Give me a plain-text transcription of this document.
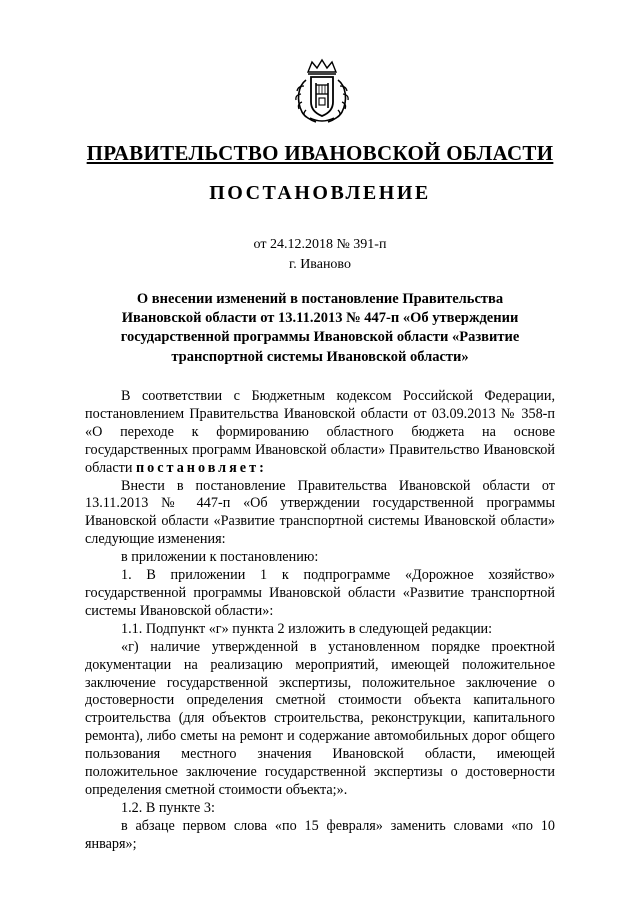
ПРАВИТЕЛЬСТВО ИВАНОВСКОЙ ОБЛАСТИ
ПОСТАНОВЛЕНИЕ
от 24.12.2018 № 391-п
г. Иваново
О внесении изменений в постановление Правительства
Ивановской области от 13.11.2013 № 447-п «Об утверждении
государственной программы Ивановской области «Развитие
транспортной системы Ивановской области»

В соответствии с Бюджетным кодексом Российской Федерации, постановлением Правительства Ивановской области от 03.09.2013 № 358-п «О переходе к формированию областного бюджета на основе государственных программ Ивановской области» Правительство Ивановской области постановляет:

Внести в постановление Правительства Ивановской области от 13.11.2013 № 447-п «Об утверждении государственной программы Ивановской области «Развитие транспортной системы Ивановской области» следующие изменения:

в приложении к постановлению:

1. В приложении 1 к подпрограмме «Дорожное хозяйство» государственной программы Ивановской области «Развитие транспортной системы Ивановской области»:

1.1. Подпункт «г» пункта 2 изложить в следующей редакции:

«г) наличие утвержденной в установленном порядке проектной документации на реализацию мероприятий, имеющей положительное заключение государственной экспертизы, положительное заключение о достоверности определения сметной стоимости объекта капитального строительства (для объектов строительства, реконструкции, капитального ремонта), либо сметы на ремонт и содержание автомобильных дорог общего пользования местного значения Ивановской области, имеющей положительное заключение государственной экспертизы о достоверности определения сметной стоимости объекта;».

1.2. В пункте 3:

в абзаце первом слова «по 15 февраля» заменить словами «по 10 января»;
